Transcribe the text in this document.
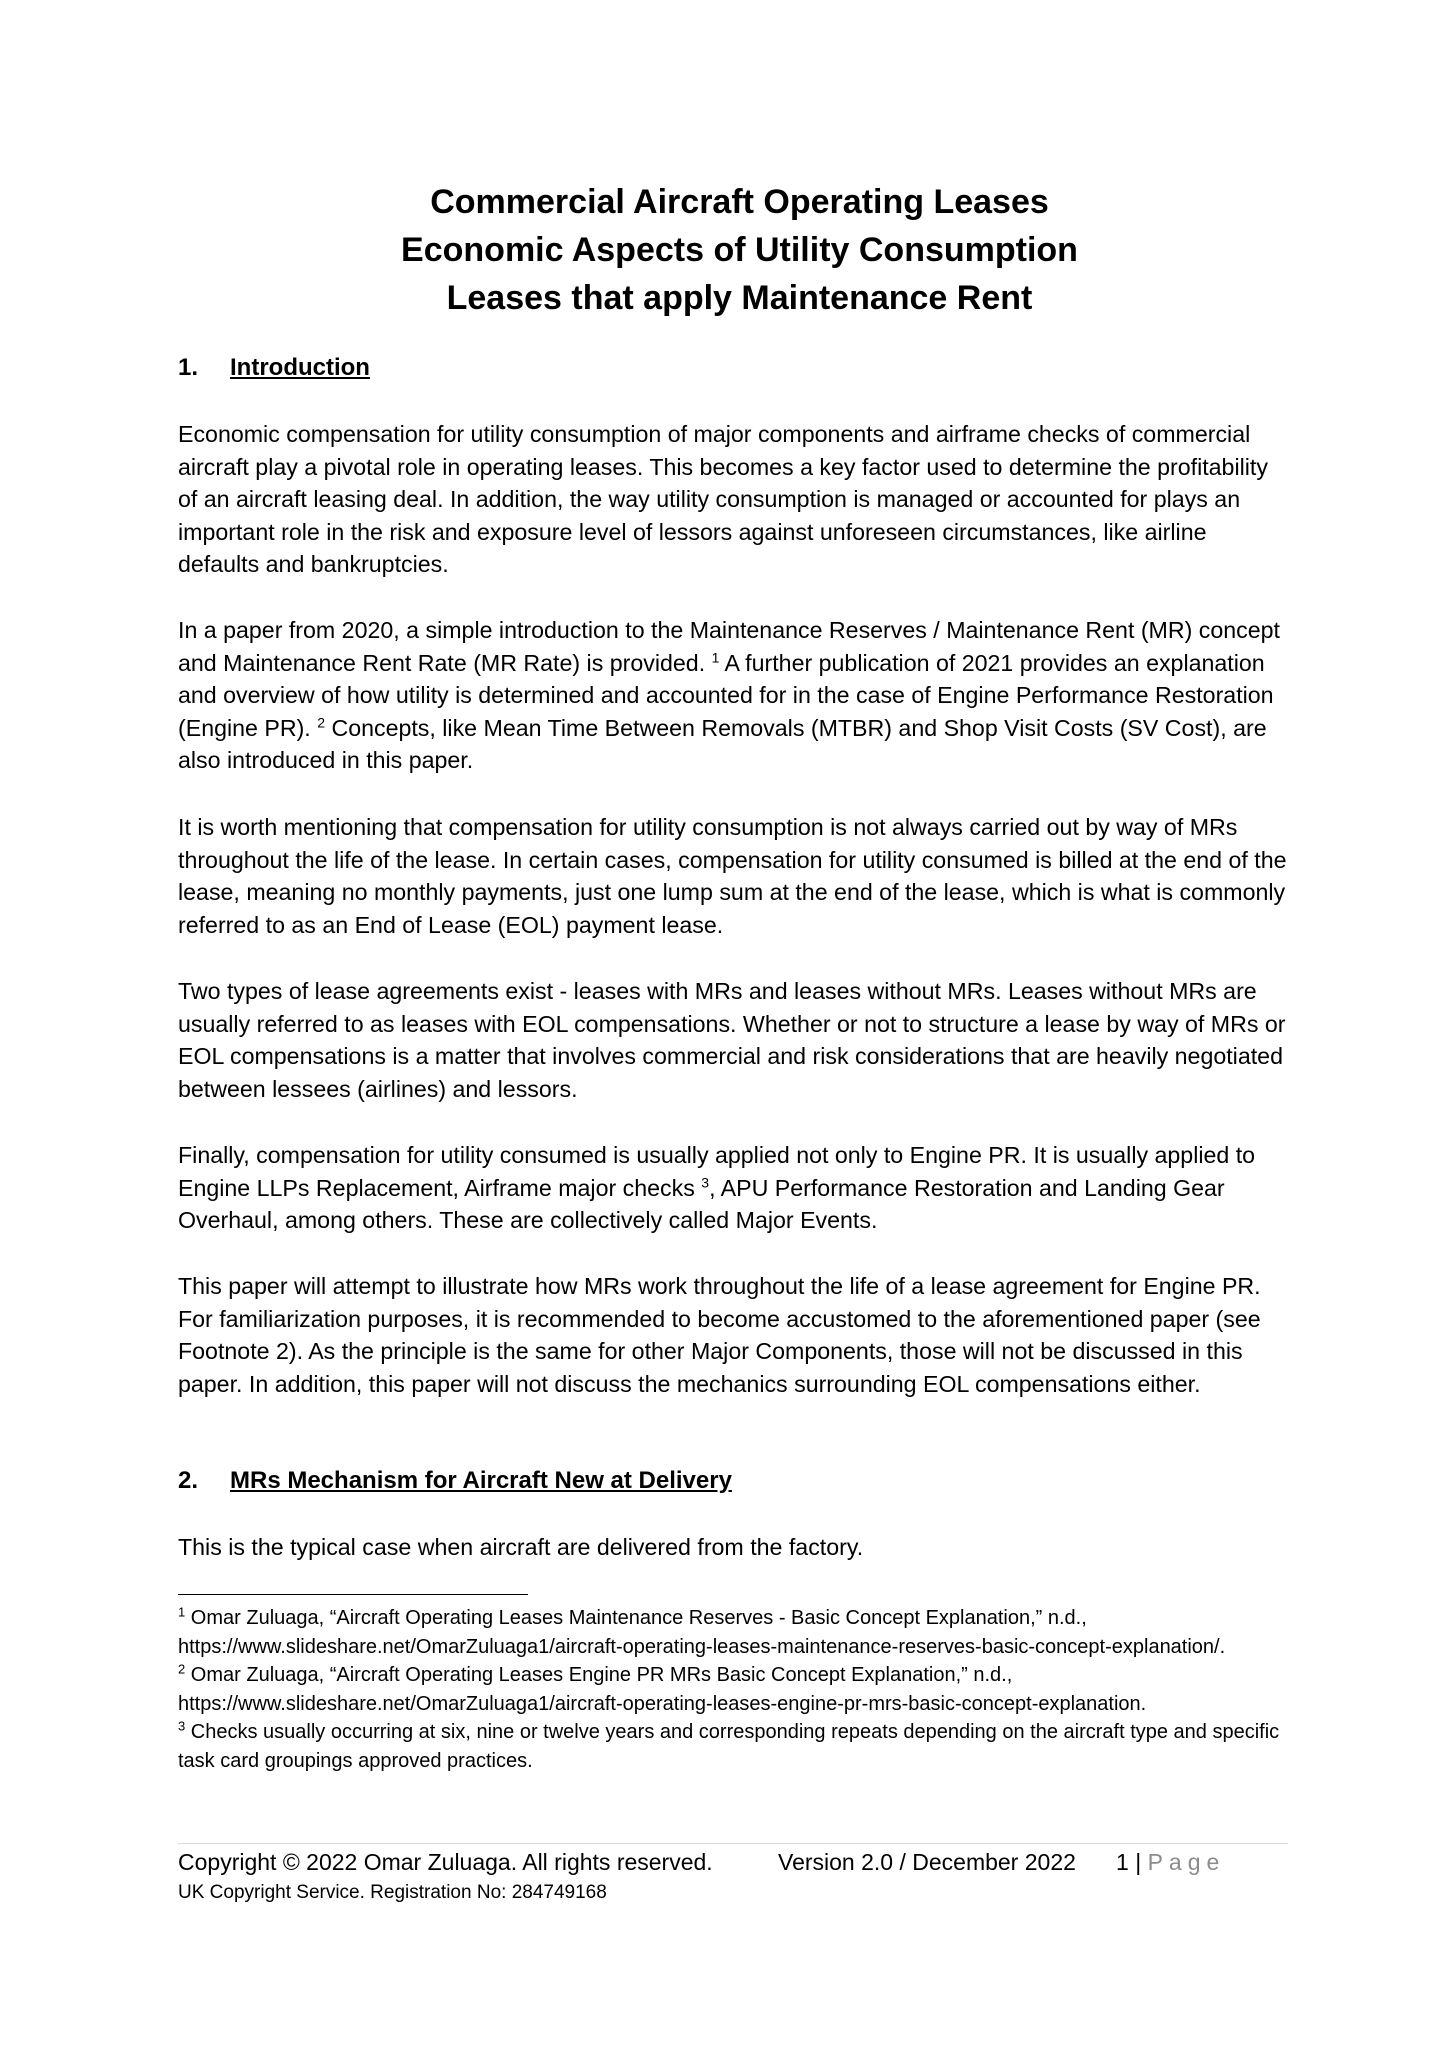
Commercial Aircraft Operating Leases
Economic Aspects of Utility Consumption
Leases that apply Maintenance Rent
1. Introduction

Economic compensation for utility consumption of major components and airframe checks of commercial aircraft play a pivotal role in operating leases. This becomes a key factor used to determine the profitability of an aircraft leasing deal. In addition, the way utility consumption is managed or accounted for plays an important role in the risk and exposure level of lessors against unforeseen circumstances, like airline defaults and bankruptcies.

In a paper from 2020, a simple introduction to the Maintenance Reserves / Maintenance Rent (MR) concept and Maintenance Rent Rate (MR Rate) is provided. $^1$ A further publication of 2021 provides an explanation and overview of how utility is determined and accounted for in the case of Engine Performance Restoration (Engine PR). $^2$ Concepts, like Mean Time Between Removals (MTBR) and Shop Visit Costs (SV Cost), are also introduced in this paper.

It is worth mentioning that compensation for utility consumption is not always carried out by way of MRs throughout the life of the lease. In certain cases, compensation for utility consumed is billed at the end of the lease, meaning no monthly payments, just one lump sum at the end of the lease, which is what is commonly referred to as an End of Lease (EOL) payment lease.

Two types of lease agreements exist - leases with MRs and leases without MRs. Leases without MRs are usually referred to as leases with EOL compensations. Whether or not to structure a lease by way of MRs or EOL compensations is a matter that involves commercial and risk considerations that are heavily negotiated between lessees (airlines) and lessors.

Finally, compensation for utility consumed is usually applied not only to Engine PR. It is usually applied to Engine LLPs Replacement, Airframe major checks $^3$, APU Performance Restoration and Landing Gear Overhaul, among others. These are collectively called Major Events.

This paper will attempt to illustrate how MRs work throughout the life of a lease agreement for Engine PR. For familiarization purposes, it is recommended to become accustomed to the aforementioned paper (see Footnote 2). As the principle is the same for other Major Components, those will not be discussed in this paper. In addition, this paper will not discuss the mechanics surrounding EOL compensations either.

2. MRs Mechanism for Aircraft New at Delivery

This is the typical case when aircraft are delivered from the factory.

$^1$ Omar Zuluaga, “Aircraft Operating Leases Maintenance Reserves - Basic Concept Explanation,” n.d., https://www.slideshare.net/OmarZuluaga1/aircraft-operating-leases-maintenance-reserves-basic-concept-explanation/.
$^2$ Omar Zuluaga, “Aircraft Operating Leases Engine PR MRs Basic Concept Explanation,” n.d., https://www.slideshare.net/OmarZuluaga1/aircraft-operating-leases-engine-pr-mrs-basic-concept-explanation.
$^3$ Checks usually occurring at six, nine or twelve years and corresponding repeats depending on the aircraft type and specific task card groupings approved practices.
Copyright © 2022 Omar Zuluaga. All rights reserved.	Version 2.0 / December 2022 1 | Page
UK Copyright Service. Registration No: 284749168
